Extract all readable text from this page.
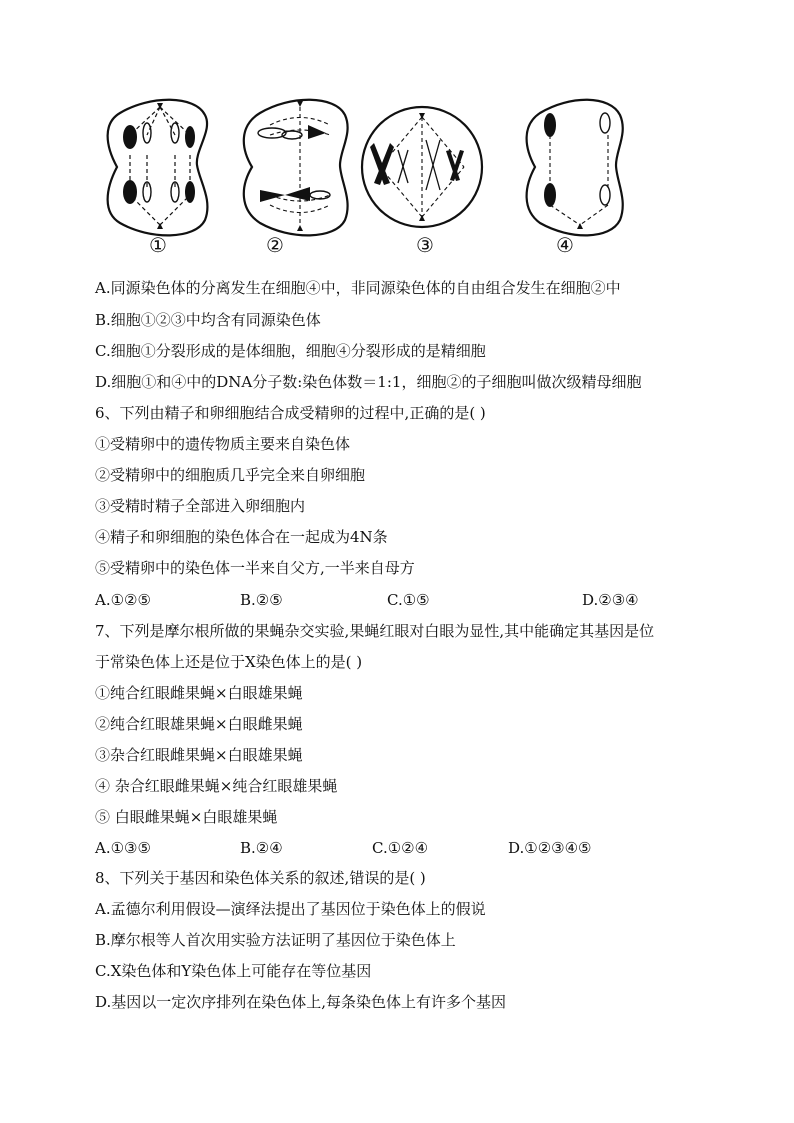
①	②	③	④
A.同源染色体的分离发生在细胞④中，非同源染色体的自由组合发生在细胞②中
B.细胞①②③中均含有同源染色体
C.细胞①分裂形成的是体细胞，细胞④分裂形成的是精细胞
D.细胞①和④中的DNA分子数:染色体数＝1:1，细胞②的子细胞叫做次级精母细胞
6、下列由精子和卵细胞结合成受精卵的过程中,正确的是( )
①受精卵中的遗传物质主要来自染色体
②受精卵中的细胞质几乎完全来自卵细胞
③受精时精子全部进入卵细胞内
④精子和卵细胞的染色体合在一起成为4N条
⑤受精卵中的染色体一半来自父方,一半来自母方
A.①②⑤	B.②⑤	C.①⑤	D.②③④
7、下列是摩尔根所做的果蝇杂交实验,果蝇红眼对白眼为显性,其中能确定其基因是位
于常染色体上还是位于X染色体上的是( )
①纯合红眼雌果蝇×白眼雄果蝇
②纯合红眼雄果蝇×白眼雌果蝇
③杂合红眼雌果蝇×白眼雄果蝇
④ 杂合红眼雌果蝇×纯合红眼雄果蝇
⑤ 白眼雌果蝇×白眼雄果蝇
A.①③⑤	B.②④	C.①②④	D.①②③④⑤
8、下列关于基因和染色体关系的叙述,错误的是( )
A.孟德尔利用假设—演绎法提出了基因位于染色体上的假说
B.摩尔根等人首次用实验方法证明了基因位于染色体上
C.X染色体和Y染色体上可能存在等位基因
D.基因以一定次序排列在染色体上,每条染色体上有许多个基因
